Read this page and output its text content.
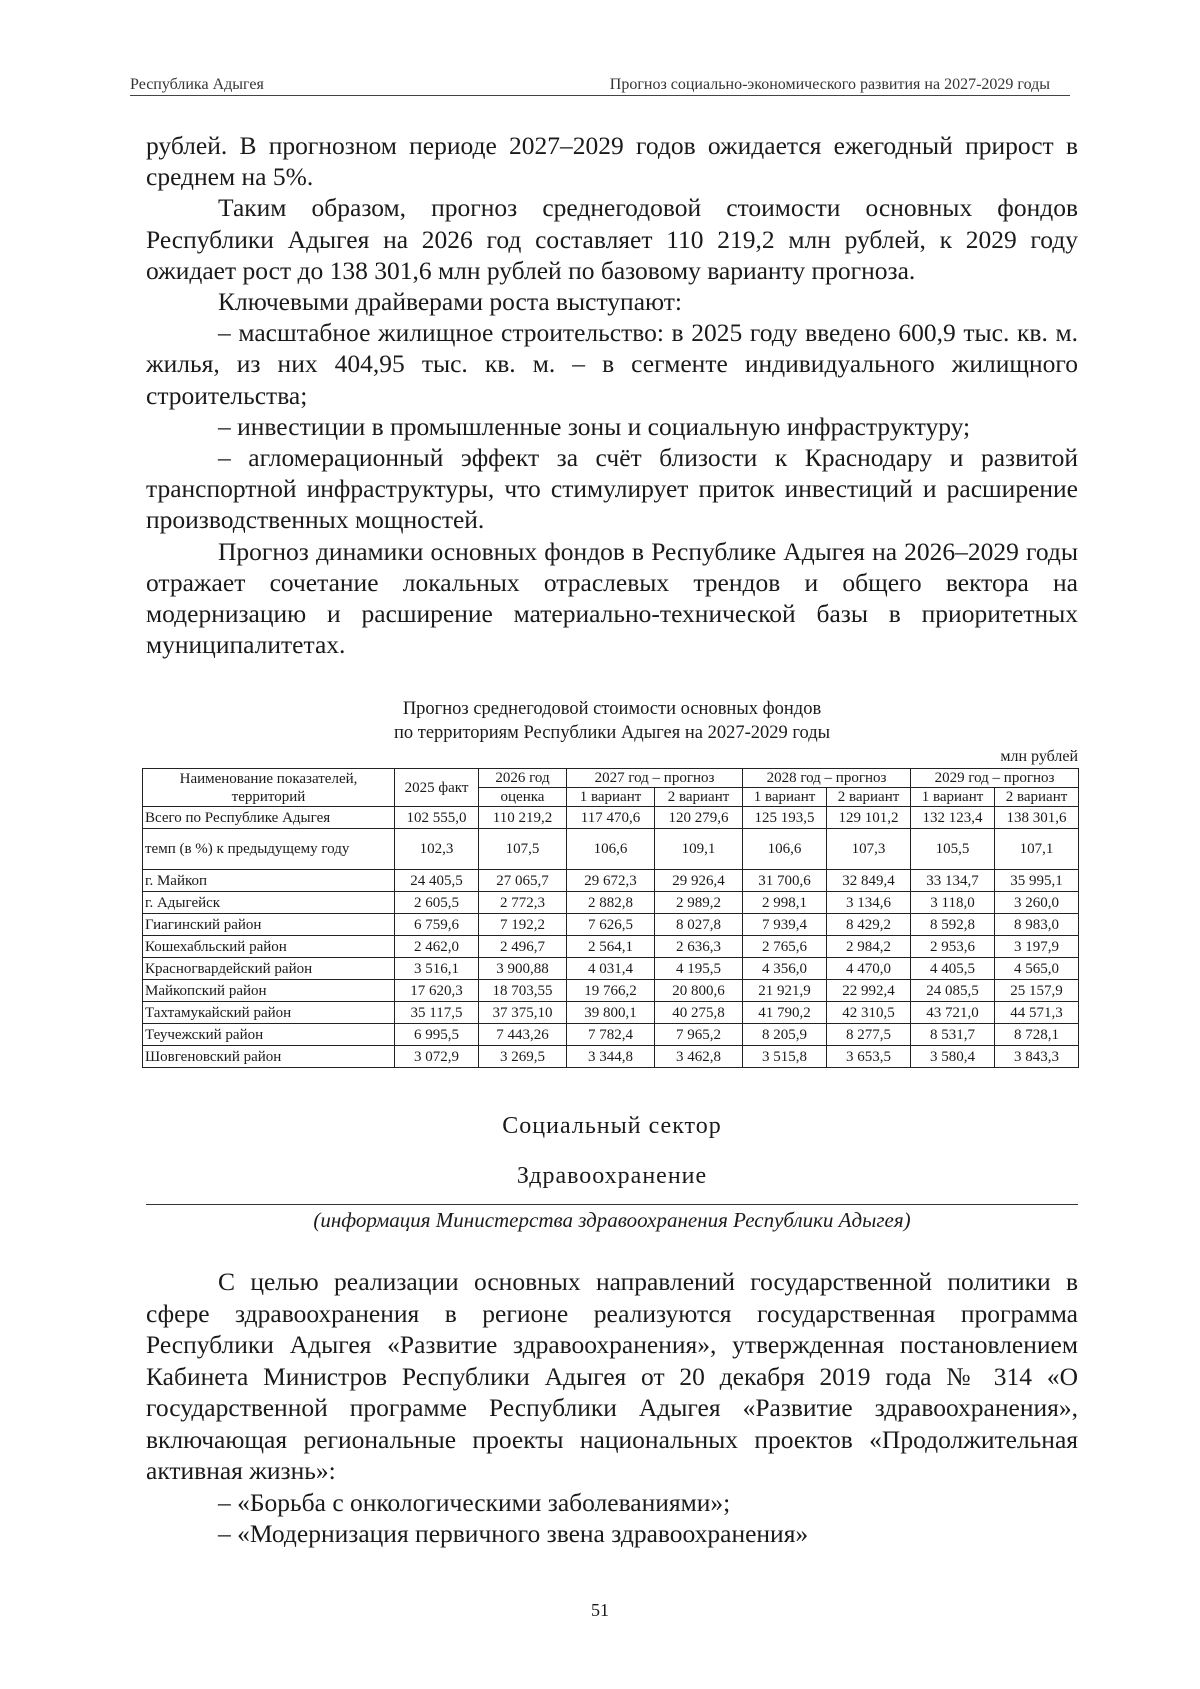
Республика Адыгея	Прогноз социально-экономического развития на 2027-2029 годы

рублей. В прогнозном периоде 2027–2029 годов ожидается ежегодный прирост в среднем на 5%.

Таким образом, прогноз среднегодовой стоимости основных фондов Республики Адыгея на 2026 год составляет 110 219,2 млн рублей, к 2029 году ожидает рост до 138 301,6 млн рублей по базовому варианту прогноза.

Ключевыми драйверами роста выступают:

– масштабное жилищное строительство: в 2025 году введено 600,9 тыс. кв. м. жилья, из них 404,95 тыс. кв. м. – в сегменте индивидуального жилищного строительства;

– инвестиции в промышленные зоны и социальную инфраструктуру;

– агломерационный эффект за счёт близости к Краснодару и развитой транспортной инфраструктуры, что стимулирует приток инвестиций и расширение производственных мощностей.

Прогноз динамики основных фондов в Республике Адыгея на 2026–2029 годы отражает сочетание локальных отраслевых трендов и общего вектора на модернизацию и расширение материально-технической базы в приоритетных муниципалитетах.

Прогноз среднегодовой стоимости основных фондов
по территориям Республики Адыгея на 2027-2029 годы
млн рублей
Наименование показателей, территорий	2025 факт	2026 год	2027 год – прогноз		2028 год – прогноз		2029 год – прогноз	
		оценка	1 вариант	2 вариант	1 вариант	2 вариант	1 вариант	2 вариант
Всего по Республике Адыгея	102 555,0	110 219,2	117 470,6	120 279,6	125 193,5	129 101,2	132 123,4	138 301,6
темп (в %) к предыдущему году	102,3	107,5	106,6	109,1	106,6	107,3	105,5	107,1
г. Майкоп	24 405,5	27 065,7	29 672,3	29 926,4	31 700,6	32 849,4	33 134,7	35 995,1
г. Адыгейск	2 605,5	2 772,3	2 882,8	2 989,2	2 998,1	3 134,6	3 118,0	3 260,0
Гиагинский район	6 759,6	7 192,2	7 626,5	8 027,8	7 939,4	8 429,2	8 592,8	8 983,0
Кошехабльский район	2 462,0	2 496,7	2 564,1	2 636,3	2 765,6	2 984,2	2 953,6	3 197,9
Красногвардейский район	3 516,1	3 900,88	4 031,4	4 195,5	4 356,0	4 470,0	4 405,5	4 565,0
Майкопский район	17 620,3	18 703,55	19 766,2	20 800,6	21 921,9	22 992,4	24 085,5	25 157,9
Тахтамукайский район	35 117,5	37 375,10	39 800,1	40 275,8	41 790,2	42 310,5	43 721,0	44 571,3
Теучежский район	6 995,5	7 443,26	7 782,4	7 965,2	8 205,9	8 277,5	8 531,7	8 728,1
Шовгеновский район	3 072,9	3 269,5	3 344,8	3 462,8	3 515,8	3 653,5	3 580,4	3 843,3
Социальный сектор
Здравоохранение
(информация Министерства здравоохранения Республики Адыгея)

С целью реализации основных направлений государственной политики в сфере здравоохранения в регионе реализуются государственная программа Республики Адыгея «Развитие здравоохранения», утвержденная постановлением Кабинета Министров Республики Адыгея от 20 декабря 2019 года № 314 «О государственной программе Республики Адыгея «Развитие здравоохранения», включающая региональные проекты национальных проектов «Продолжительная активная жизнь»:

– «Борьба с онкологическими заболеваниями»;

– «Модернизация первичного звена здравоохранения»

51
